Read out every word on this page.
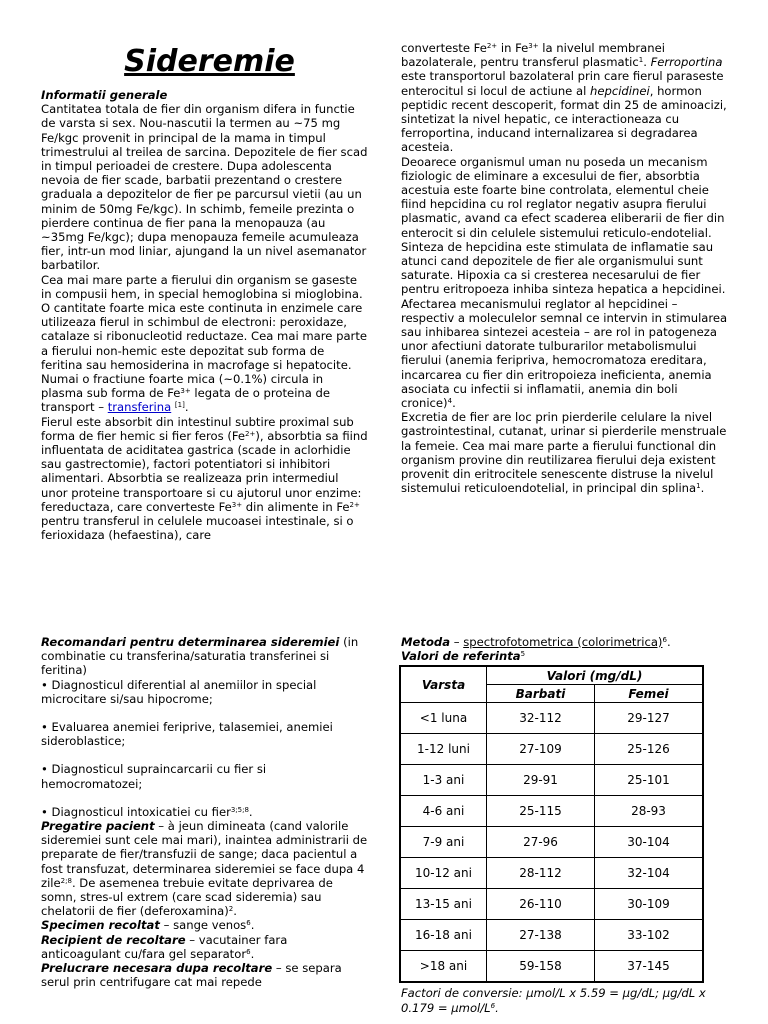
Sideremie

Informatii generale

Cantitatea totala de fier din organism difera in functie de varsta si sex. Nou-nascutii la termen au ~75 mg Fe/kgc provenit in principal de la mama in timpul trimestrului al treilea de sarcina. Depozitele de fier scad in timpul perioadei de crestere. Dupa adolescenta nevoia de fier scade, barbatii prezentand o crestere graduala a depozitelor de fier pe parcursul vietii (au un minim de 50mg Fe/kgc). In schimb, femeile prezinta o pierdere continua de fier pana la menopauza (au ~35mg Fe/kgc); dupa menopauza femeile acumuleaza fier, intr-un mod liniar, ajungand la un nivel asemanator barbatilor.

Cea mai mare parte a fierului din organism se gaseste in compusii hem, in special hemoglobina si mioglobina. O cantitate foarte mica este continuta in enzimele care utilizeaza fierul in schimbul de electroni: peroxidaze, catalaze si ribonucleotid reductaze. Cea mai mare parte a fierului non-hemic este depozitat sub forma de feritina sau hemosiderina in macrofage si hepatocite. Numai o fractiune foarte mica (~0.1%) circula in plasma sub forma de $Fe^{3+}$ legata de o proteina de transport – transferina [1].

Fierul este absorbit din intestinul subtire proximal sub forma de fier hemic si fier feros $(Fe^{2+})$, absorbtia sa fiind influentata de aciditatea gastrica (scade in aclorhidie sau gastrectomie), factori potentiatori si inhibitori alimentari. Absorbtia se realizeaza prin intermediul unor proteine transportoare si cu ajutorul unor enzime: fereductaza, care converteste $Fe^{3+}$ din alimente in $Fe^{2+}$ pentru transferul in celulele mucoasei intestinale, si o ferioxidaza (hefaestina), care

converteste $Fe^{2+}$ in $Fe^{3+}$ la nivelul membranei bazolaterale, pentru transferul plasmatic$^1$. Ferroportina este transportorul bazolateral prin care fierul paraseste enterocitul si locul de actiune al hepcidinei, hormon peptidic recent descoperit, format din 25 de aminoacizi, sintetizat la nivel hepatic, ce interactioneaza cu ferroportina, inducand internalizarea si degradarea acesteia.

Deoarece organismul uman nu poseda un mecanism fiziologic de eliminare a excesului de fier, absorbtia acestuia este foarte bine controlata, elementul cheie fiind hepcidina cu rol reglator negativ asupra fierului plasmatic, avand ca efect scaderea eliberarii de fier din enterocit si din celulele sistemului reticulo-endotelial. Sinteza de hepcidina este stimulata de inflamatie sau atunci cand depozitele de fier ale organismului sunt saturate. Hipoxia ca si cresterea necesarului de fier pentru eritropoeza inhiba sinteza hepatica a hepcidinei. Afectarea mecanismului reglator al hepcidinei – respectiv a moleculelor semnal ce intervin in stimularea sau inhibarea sintezei acesteia – are rol in patogeneza unor afectiuni datorate tulburarilor metabolismului fierului (anemia feripriva, hemocromatoza ereditara, incarcarea cu fier din eritropoieza ineficienta, anemia asociata cu infectii si inflamatii, anemia din boli cronice)$^4$.

Excretia de fier are loc prin pierderile celulare la nivel gastrointestinal, cutanat, urinar si pierderile menstruale la femeie. Cea mai mare parte a fierului functional din organism provine din reutilizarea fierului deja existent provenit din eritrocitele senescente distruse la nivelul sistemului reticuloendotelial, in principal din splina$^1$.

Recomandari pentru determinarea sideremiei (in combinatie cu transferina/saturatia transferinei si feritina)

• Diagnosticul diferential al anemiilor in special microcitare si/sau hipocrome;

• Evaluarea anemiei feriprive, talasemiei, anemiei sideroblastice;

• Diagnosticul supraincarcarii cu fier si hemocromatozei;

• Diagnosticul intoxicatiei cu fier$^{3;5;8}$.

Pregatire pacient – à jeun dimineata (cand valorile sideremiei sunt cele mai mari), inaintea administrarii de preparate de fier/transfuzii de sange; daca pacientul a fost transfuzat, determinarea sideremiei se face dupa 4 zile$^{2;8}$. De asemenea trebuie evitate deprivarea de somn, stres-ul extrem (care scad sideremia) sau chelatorii de fier (deferoxamina)$^2$.

Specimen recoltat – sange venos$^6$.

Recipient de recoltare – vacutainer fara anticoagulant cu/fara gel separator$^6$.

Prelucrare necesara dupa recoltare – se separa serul prin centrifugare cat mai repede

Metoda – spectrofotometrica (colorimetrica)$^6$.

Valori de referinta$^5$

Varsta	Valori (mg/dL)	
	Barbati	Femei
<1 luna	32-112	29-127
1-12 luni	27-109	25-126
1-3 ani	29-91	25-101
4-6 ani	25-115	28-93
7-9 ani	27-96	30-104
10-12 ani	28-112	32-104
13-15 ani	26-110	30-109
16-18 ani	27-138	33-102
>18 ani	59-158	37-145

Factori de conversie: µmol/L x 5.59 = µg/dL; µg/dL x 0.179 = µmol/$L^6$.
